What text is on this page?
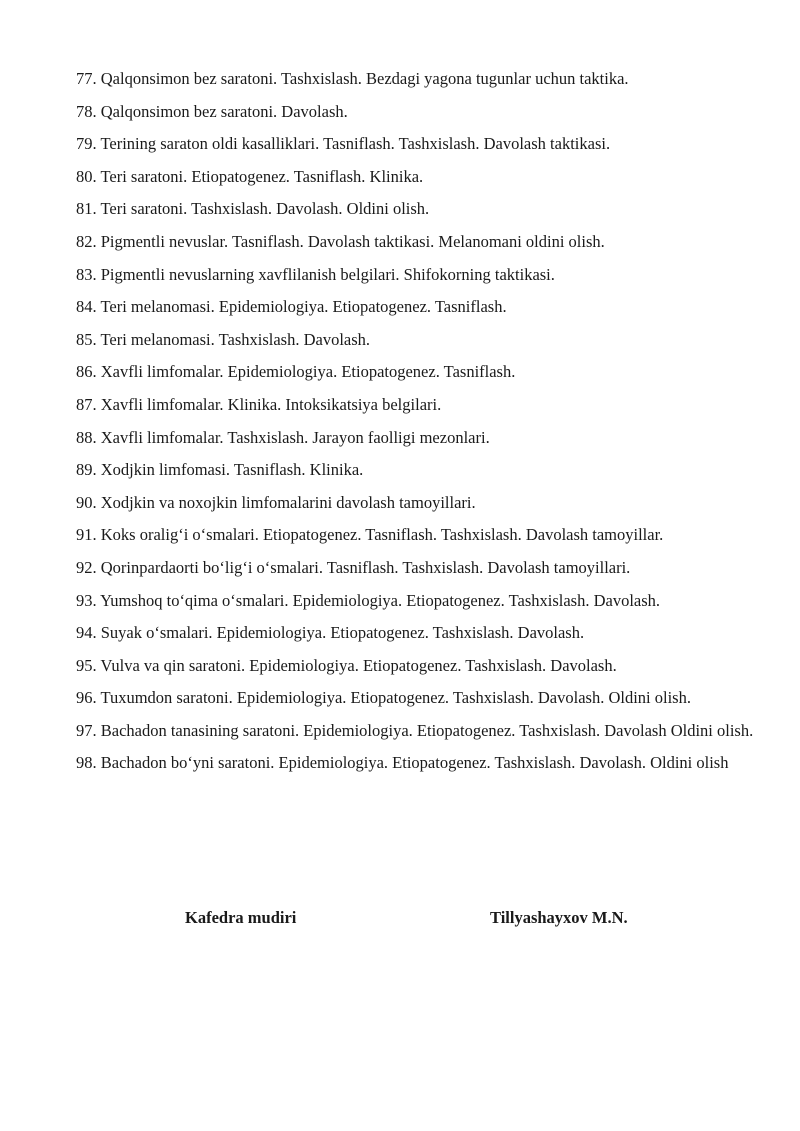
77. Qalqonsimon bez saratoni. Tashxislash. Bezdagi yagona tugunlar uchun taktika.

78. Qalqonsimon bez saratoni. Davolash.

79. Terining saraton oldi kasalliklari. Tasniflash. Tashxislash. Davolash taktikasi.

80. Teri saratoni. Etiopatogenez. Tasniflash. Klinika.

81. Teri saratoni. Tashxislash. Davolash. Oldini olish.

82. Pigmentli nevuslar. Tasniflash. Davolash taktikasi. Melanomani oldini olish.

83. Pigmentli nevuslarning xavflilanish belgilari. Shifokorning taktikasi.

84. Teri melanomasi. Epidemiologiya. Etiopatogenez. Tasniflash.

85. Teri melanomasi. Tashxislash. Davolash.

86. Xavfli limfomalar. Epidemiologiya. Etiopatogenez. Tasniflash.

87. Xavfli limfomalar. Klinika. Intoksikatsiya belgilari.

88. Xavfli limfomalar. Tashxislash. Jarayon faolligi mezonlari.

89. Xodjkin limfomasi. Tasniflash. Klinika.

90. Xodjkin va noxojkin limfomalarini davolash tamoyillari.

91. Koks oralig‘i o‘smalari. Etiopatogenez. Tasniflash. Tashxislash. Davolash tamoyillar.

92. Qorinpardaorti bo‘lig‘i o‘smalari. Tasniflash. Tashxislash. Davolash tamoyillari.

93. Yumshoq to‘qima o‘smalari. Epidemiologiya. Etiopatogenez. Tashxislash. Davolash.

94. Suyak o‘smalari. Epidemiologiya. Etiopatogenez. Tashxislash. Davolash.

95. Vulva va qin saratoni. Epidemiologiya. Etiopatogenez. Tashxislash. Davolash.

96. Tuxumdon saratoni. Epidemiologiya. Etiopatogenez. Tashxislash. Davolash. Oldini olish.

97. Bachadon tanasining saratoni. Epidemiologiya. Etiopatogenez. Tashxislash. Davolash Oldini olish.

98. Bachadon bo‘yni saratoni. Epidemiologiya. Etiopatogenez. Tashxislash. Davolash. Oldini olish

Kafedra mudiri	Tillyashayxov M.N.
